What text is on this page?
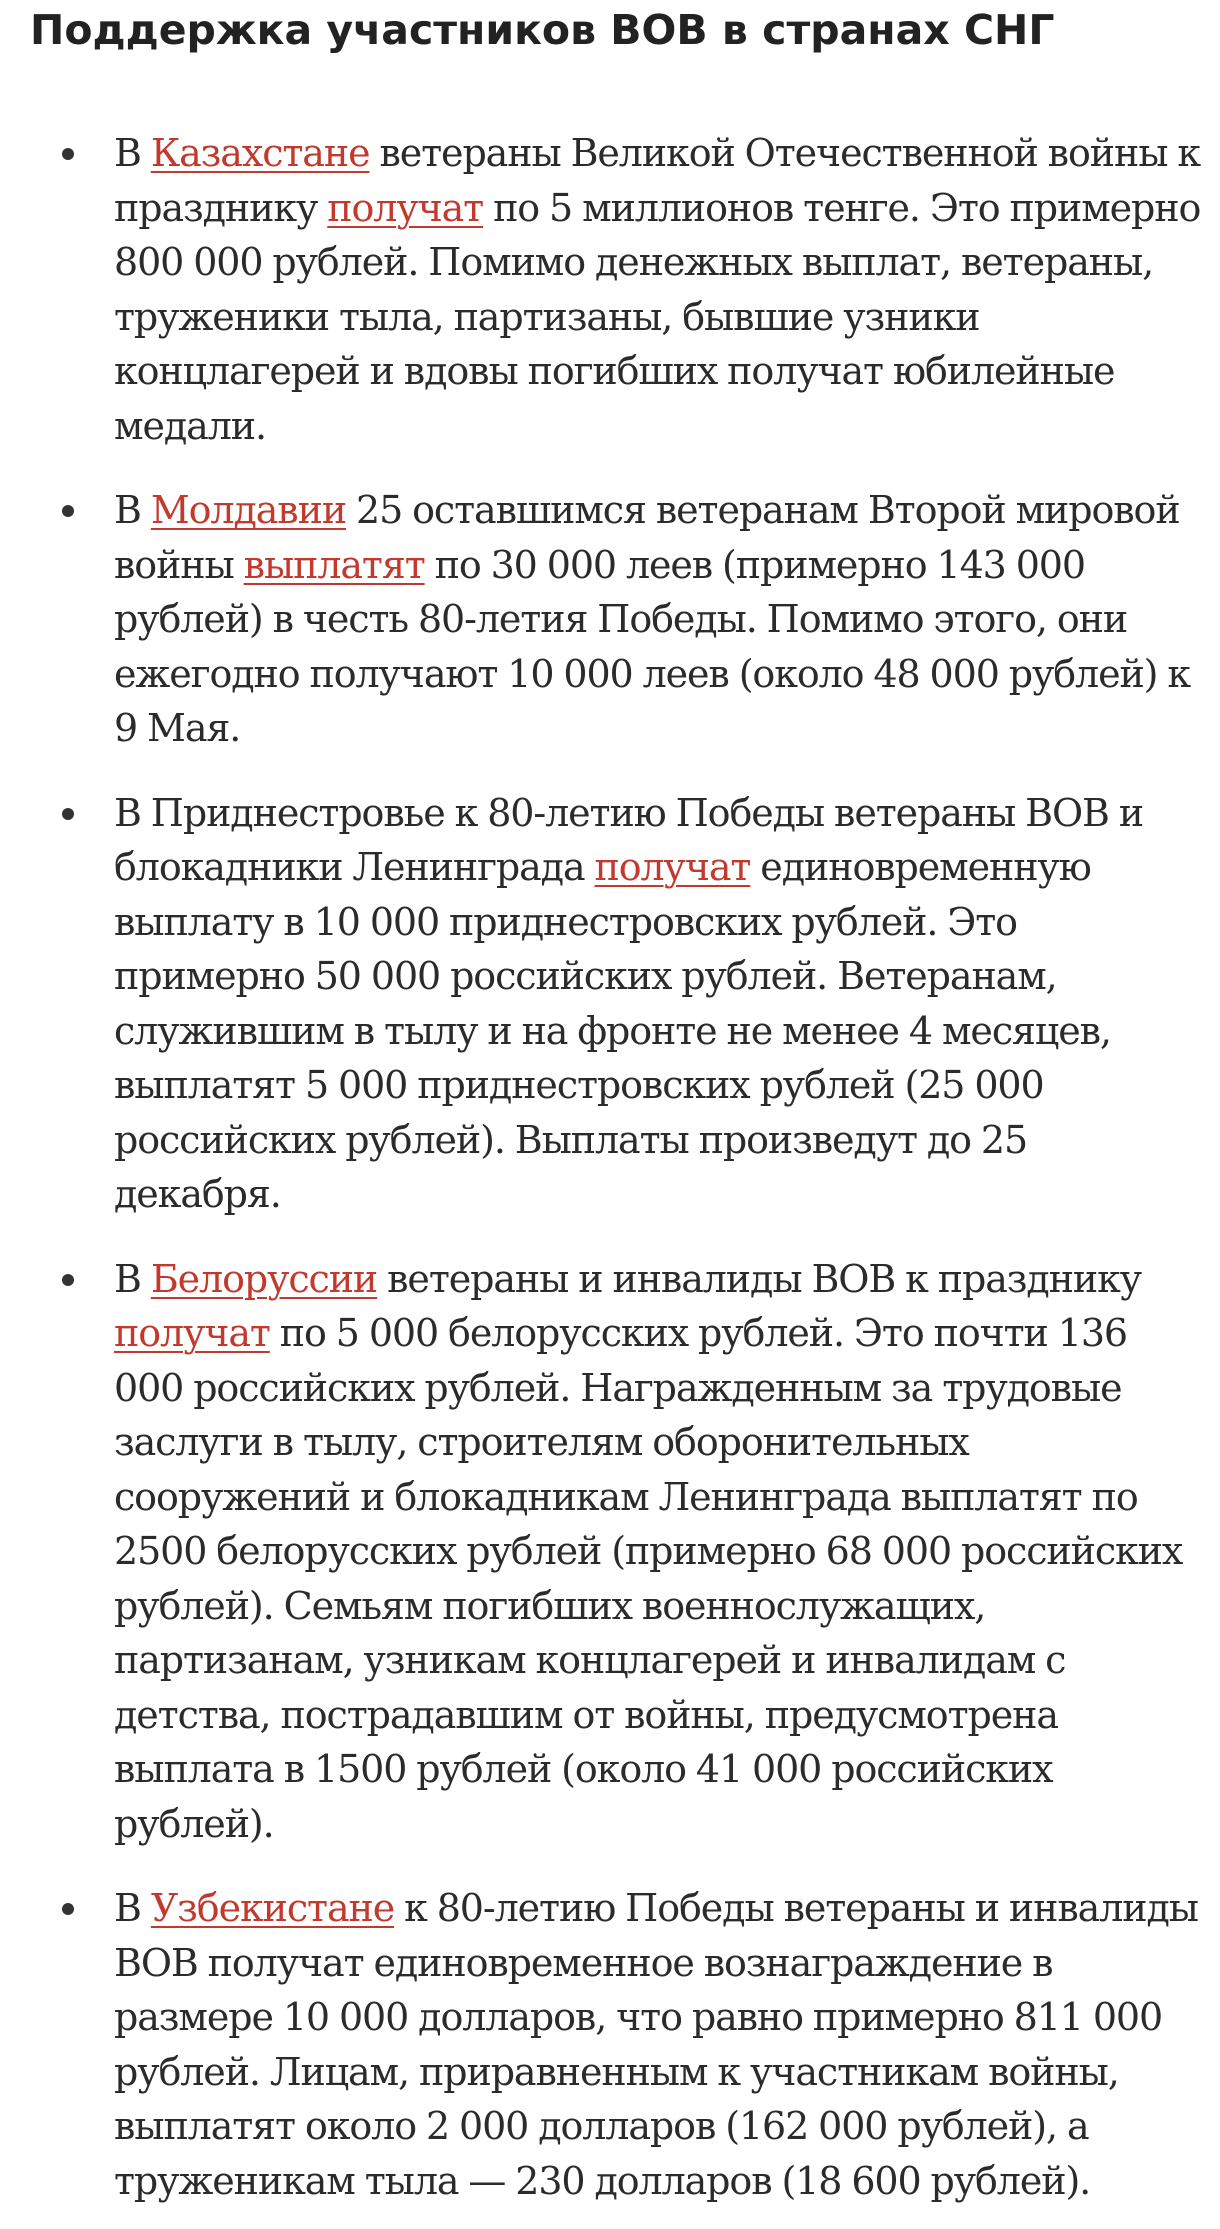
Поддержка участников ВОВ в странах СНГ
В Казахстане ветераны Великой Отечественной войны к празднику получат по 5 миллионов тенге. Это примерно 800 000 рублей. Помимо денежных выплат, ветераны, труженики тыла, партизаны, бывшие узники концлагерей и вдовы погибших получат юбилейные медали.
В Молдавии 25 оставшимся ветеранам Второй мировой войны выплатят по 30 000 леев (примерно 143 000 рублей) в честь 80-летия Победы. Помимо этого, они ежегодно получают 10 000 леев (около 48 000 рублей) к 9 Мая.
В Приднестровье к 80-летию Победы ветераны ВОВ и блокадники Ленинграда получат единовременную выплату в 10 000 приднестровских рублей. Это примерно 50 000 российских рублей. Ветеранам, служившим в тылу и на фронте не менее 4 месяцев, выплатят 5 000 приднестровских рублей (25 000 российских рублей). Выплаты произведут до 25 декабря.
В Белоруссии ветераны и инвалиды ВОВ к празднику получат по 5 000 белорусских рублей. Это почти 136 000 российских рублей. Награжденным за трудовые заслуги в тылу, строителям оборонительных сооружений и блокадникам Ленинграда выплатят по 2500 белорусских рублей (примерно 68 000 российских рублей). Семьям погибших военнослужащих, партизанам, узникам концлагерей и инвалидам с детства, пострадавшим от войны, предусмотрена выплата в 1500 рублей (около 41 000 российских рублей).
В Узбекистане к 80-летию Победы ветераны и инвалиды ВОВ получат единовременное вознаграждение в размере 10 000 долларов, что равно примерно 811 000 рублей. Лицам, приравненным к участникам войны, выплатят около 2 000 долларов (162 000 рублей), а труженикам тыла — 230 долларов (18 600 рублей).
